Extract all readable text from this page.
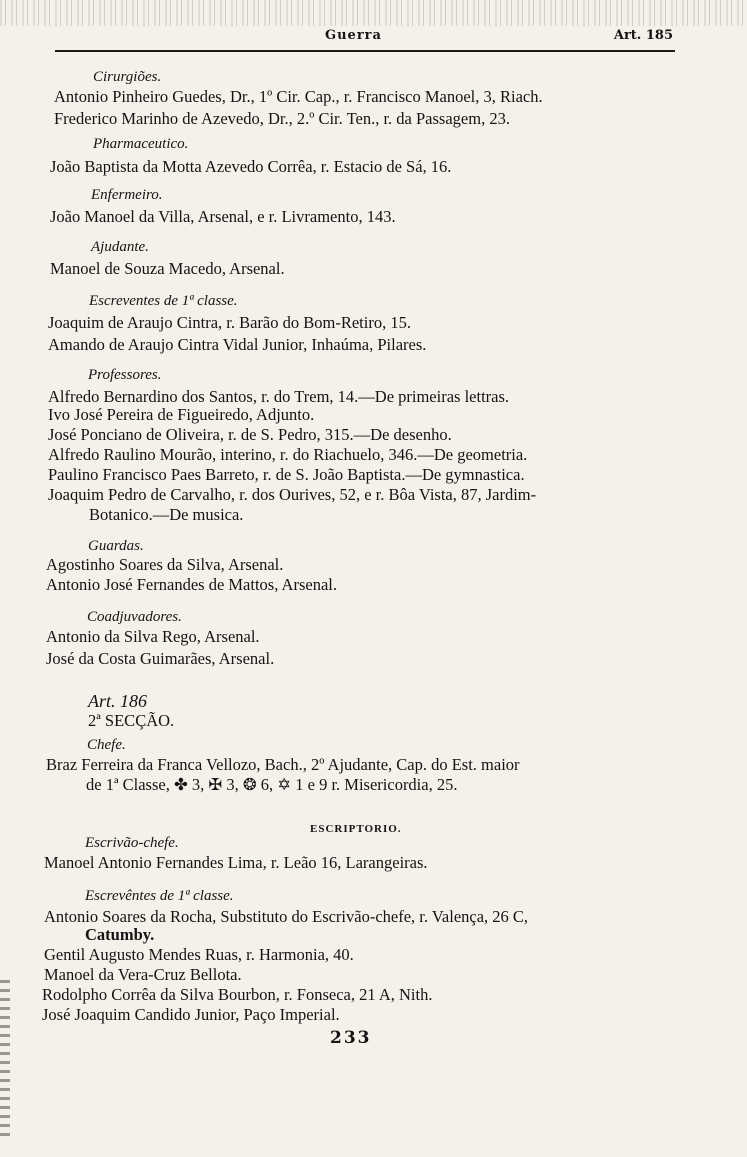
Guerra	Art. 185
Cirurgiões.
Antonio Pinheiro Guedes, Dr., 1º Cir. Cap., r. Francisco Manoel, 3, Riach.
Frederico Marinho de Azevedo, Dr., 2.º Cir. Ten., r. da Passagem, 23.
Pharmaceutico.
João Baptista da Motta Azevedo Corrêa, r. Estacio de Sá, 16.
Enfermeiro.
João Manoel da Villa, Arsenal, e r. Livramento, 143.
Ajudante.
Manoel de Souza Macedo, Arsenal.
Escreventes de 1ª classe.
Joaquim de Araujo Cintra, r. Barão do Bom-Retiro, 15.
Amando de Araujo Cintra Vidal Junior, Inhaúma, Pilares.
Professores.
Alfredo Bernardino dos Santos, r. do Trem, 14.—De primeiras lettras.
Ivo José Pereira de Figueiredo, Adjunto.
José Ponciano de Oliveira, r. de S. Pedro, 315.—De desenho.
Alfredo Raulino Mourão, interino, r. do Riachuelo, 346.—De geometria.
Paulino Francisco Paes Barreto, r. de S. João Baptista.—De gymnastica.
Joaquim Pedro de Carvalho, r. dos Ourives, 52, e r. Bôa Vista, 87, Jardim-
Botanico.—De musica.
Guardas.
Agostinho Soares da Silva, Arsenal.
Antonio José Fernandes de Mattos, Arsenal.
Coadjuvadores.
Antonio da Silva Rego, Arsenal.
José da Costa Guimarães, Arsenal.
Art. 186
2ª SECÇÃO.
Chefe.
Braz Ferreira da Franca Vellozo, Bach., 2º Ajudante, Cap. do Est. maior
de 1ª Classe, ✤ 3, ✠ 3, ❂ 6, ✡ 1 e 9 r. Misericordia, 25.
ESCRIPTORIO.
Escrivão-chefe.
Manoel Antonio Fernandes Lima, r. Leão 16, Larangeiras.
Escrevêntes de 1ª classe.
Antonio Soares da Rocha, Substituto do Escrivão-chefe, r. Valença, 26 C,
Catumby.
Gentil Augusto Mendes Ruas, r. Harmonia, 40.
Manoel da Vera-Cruz Bellota.
Rodolpho Corrêa da Silva Bourbon, r. Fonseca, 21 A, Nith.
José Joaquim Candido Junior, Paço Imperial.
233
